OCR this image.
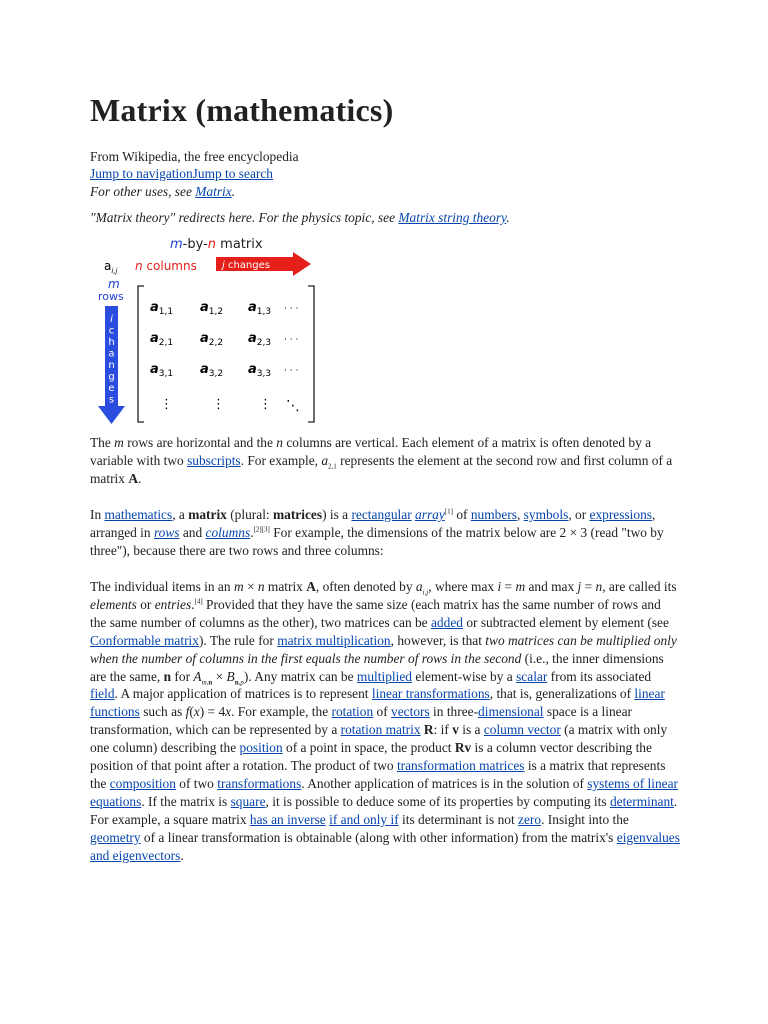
Matrix (mathematics)
From Wikipedia, the free encyclopedia
Jump to navigationJump to search
For other uses, see Matrix.
"Matrix theory" redirects here. For the physics topic, see Matrix string theory.
m-by-n matrix
$a_{i,j}$ n columns	j changes
m
rows
i
c
h
a
n
g
e
s
$a_{1,1}$ $a_{1,2}$ $a_{1,3}$ · · ·
$a_{2,1}$ $a_{2,2}$ $a_{2,3}$ · · ·
$a_{3,1}$ $a_{3,2}$ $a_{3,3}$ · · ·
⋮	⋮	⋮ ⋱

The m rows are horizontal and the n columns are vertical. Each element of a matrix is often denoted by a variable with two subscripts. For example, $a_{2,1}$ represents the element at the second row and first column of a matrix A.

In mathematics, a matrix (plural: matrices) is a rectangular array[1] of numbers, symbols, or expressions, arranged in rows and columns.[2][3] For example, the dimensions of the matrix below are 2 × 3 (read "two by three"), because there are two rows and three columns:

The individual items in an m × n matrix A, often denoted by $a_{i,j}$, where max i = m and max j = n, are called its elements or entries.[4] Provided that they have the same size (each matrix has the same number of rows and the same number of columns as the other), two matrices can be added or subtracted element by element (see Conformable matrix). The rule for matrix multiplication, however, is that two matrices can be multiplied only when the number of columns in the first equals the number of rows in the second (i.e., the inner dimensions are the same, n for $A_{m,n} \times B_{n,p}$). Any matrix can be multiplied element-wise by a scalar from its associated field. A major application of matrices is to represent linear transformations, that is, generalizations of linear functions such as f(x) = 4x. For example, the rotation of vectors in three-dimensional space is a linear transformation, which can be represented by a rotation matrix R: if v is a column vector (a matrix with only one column) describing the position of a point in space, the product Rv is a column vector describing the position of that point after a rotation. The product of two transformation matrices is a matrix that represents the composition of two transformations. Another application of matrices is in the solution of systems of linear equations. If the matrix is square, it is possible to deduce some of its properties by computing its determinant. For example, a square matrix has an inverse if and only if its determinant is not zero. Insight into the geometry of a linear transformation is obtainable (along with other information) from the matrix's eigenvalues and eigenvectors.
